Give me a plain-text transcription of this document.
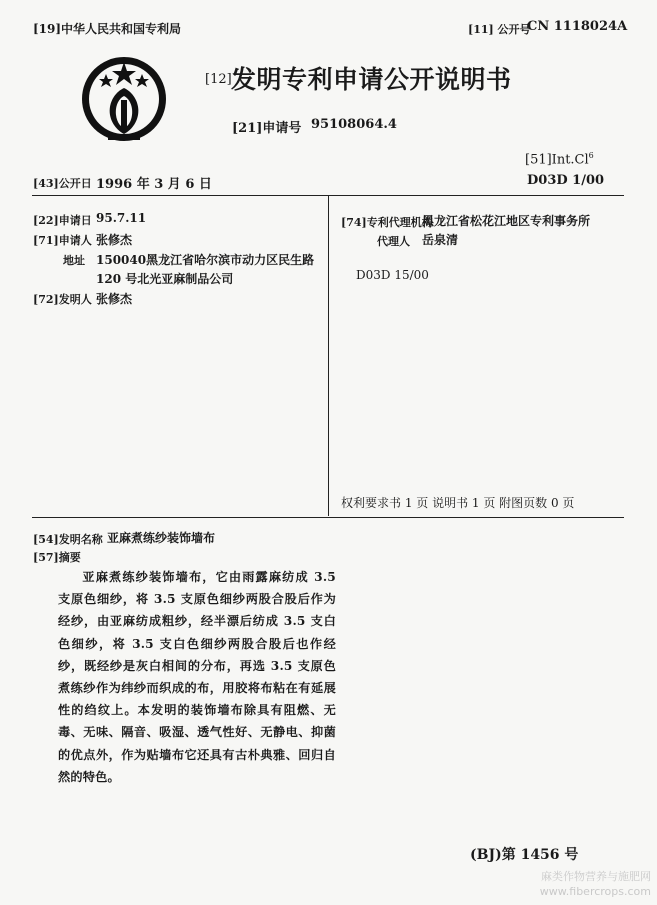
[19]中华人民共和国专利局	[11] 公开号
CN 1118024A
[12] 发明专利申请公开说明书
[21]申请号 95108064.4
[51]Int.Cl$^6$
D03D 1/00
[43]公开日 1996 年 3 月 6 日
[22]申请日 95.7.11
[71]申请人 张修杰
地址 150040黑龙江省哈尔滨市动力区民生路
120 号北光亚麻制品公司
[72]发明人 张修杰
[74]专利代理机构
黑龙江省松花江地区专利事务所
代理人 岳泉清
D03D 15/00
权利要求书 1 页 说明书 1 页 附图页数 0 页
[54]发明名称 亚麻煮练纱装饰墙布
[57]摘要
亚麻煮练纱装饰墙布，它由雨露麻纺成 3.5 支原色细纱，将 3.5 支原色细纱两股合股后作为经纱，由亚麻纺成粗纱，经半漂后纺成 3.5 支白色细纱，将 3.5 支白色细纱两股合股后也作经纱，既经纱是灰白相间的分布，再选 3.5 支原色煮练纱作为纬纱而织成的布，用胶将布粘在有延展性的绉纹上。本发明的装饰墙布除具有阻燃、无毒、无味、隔音、吸湿、透气性好、无静电、抑菌的优点外，作为贴墙布它还具有古朴典雅、回归自然的特色。
(BJ)第 1456 号
麻类作物营养与施肥网
www.fibercrops.com
